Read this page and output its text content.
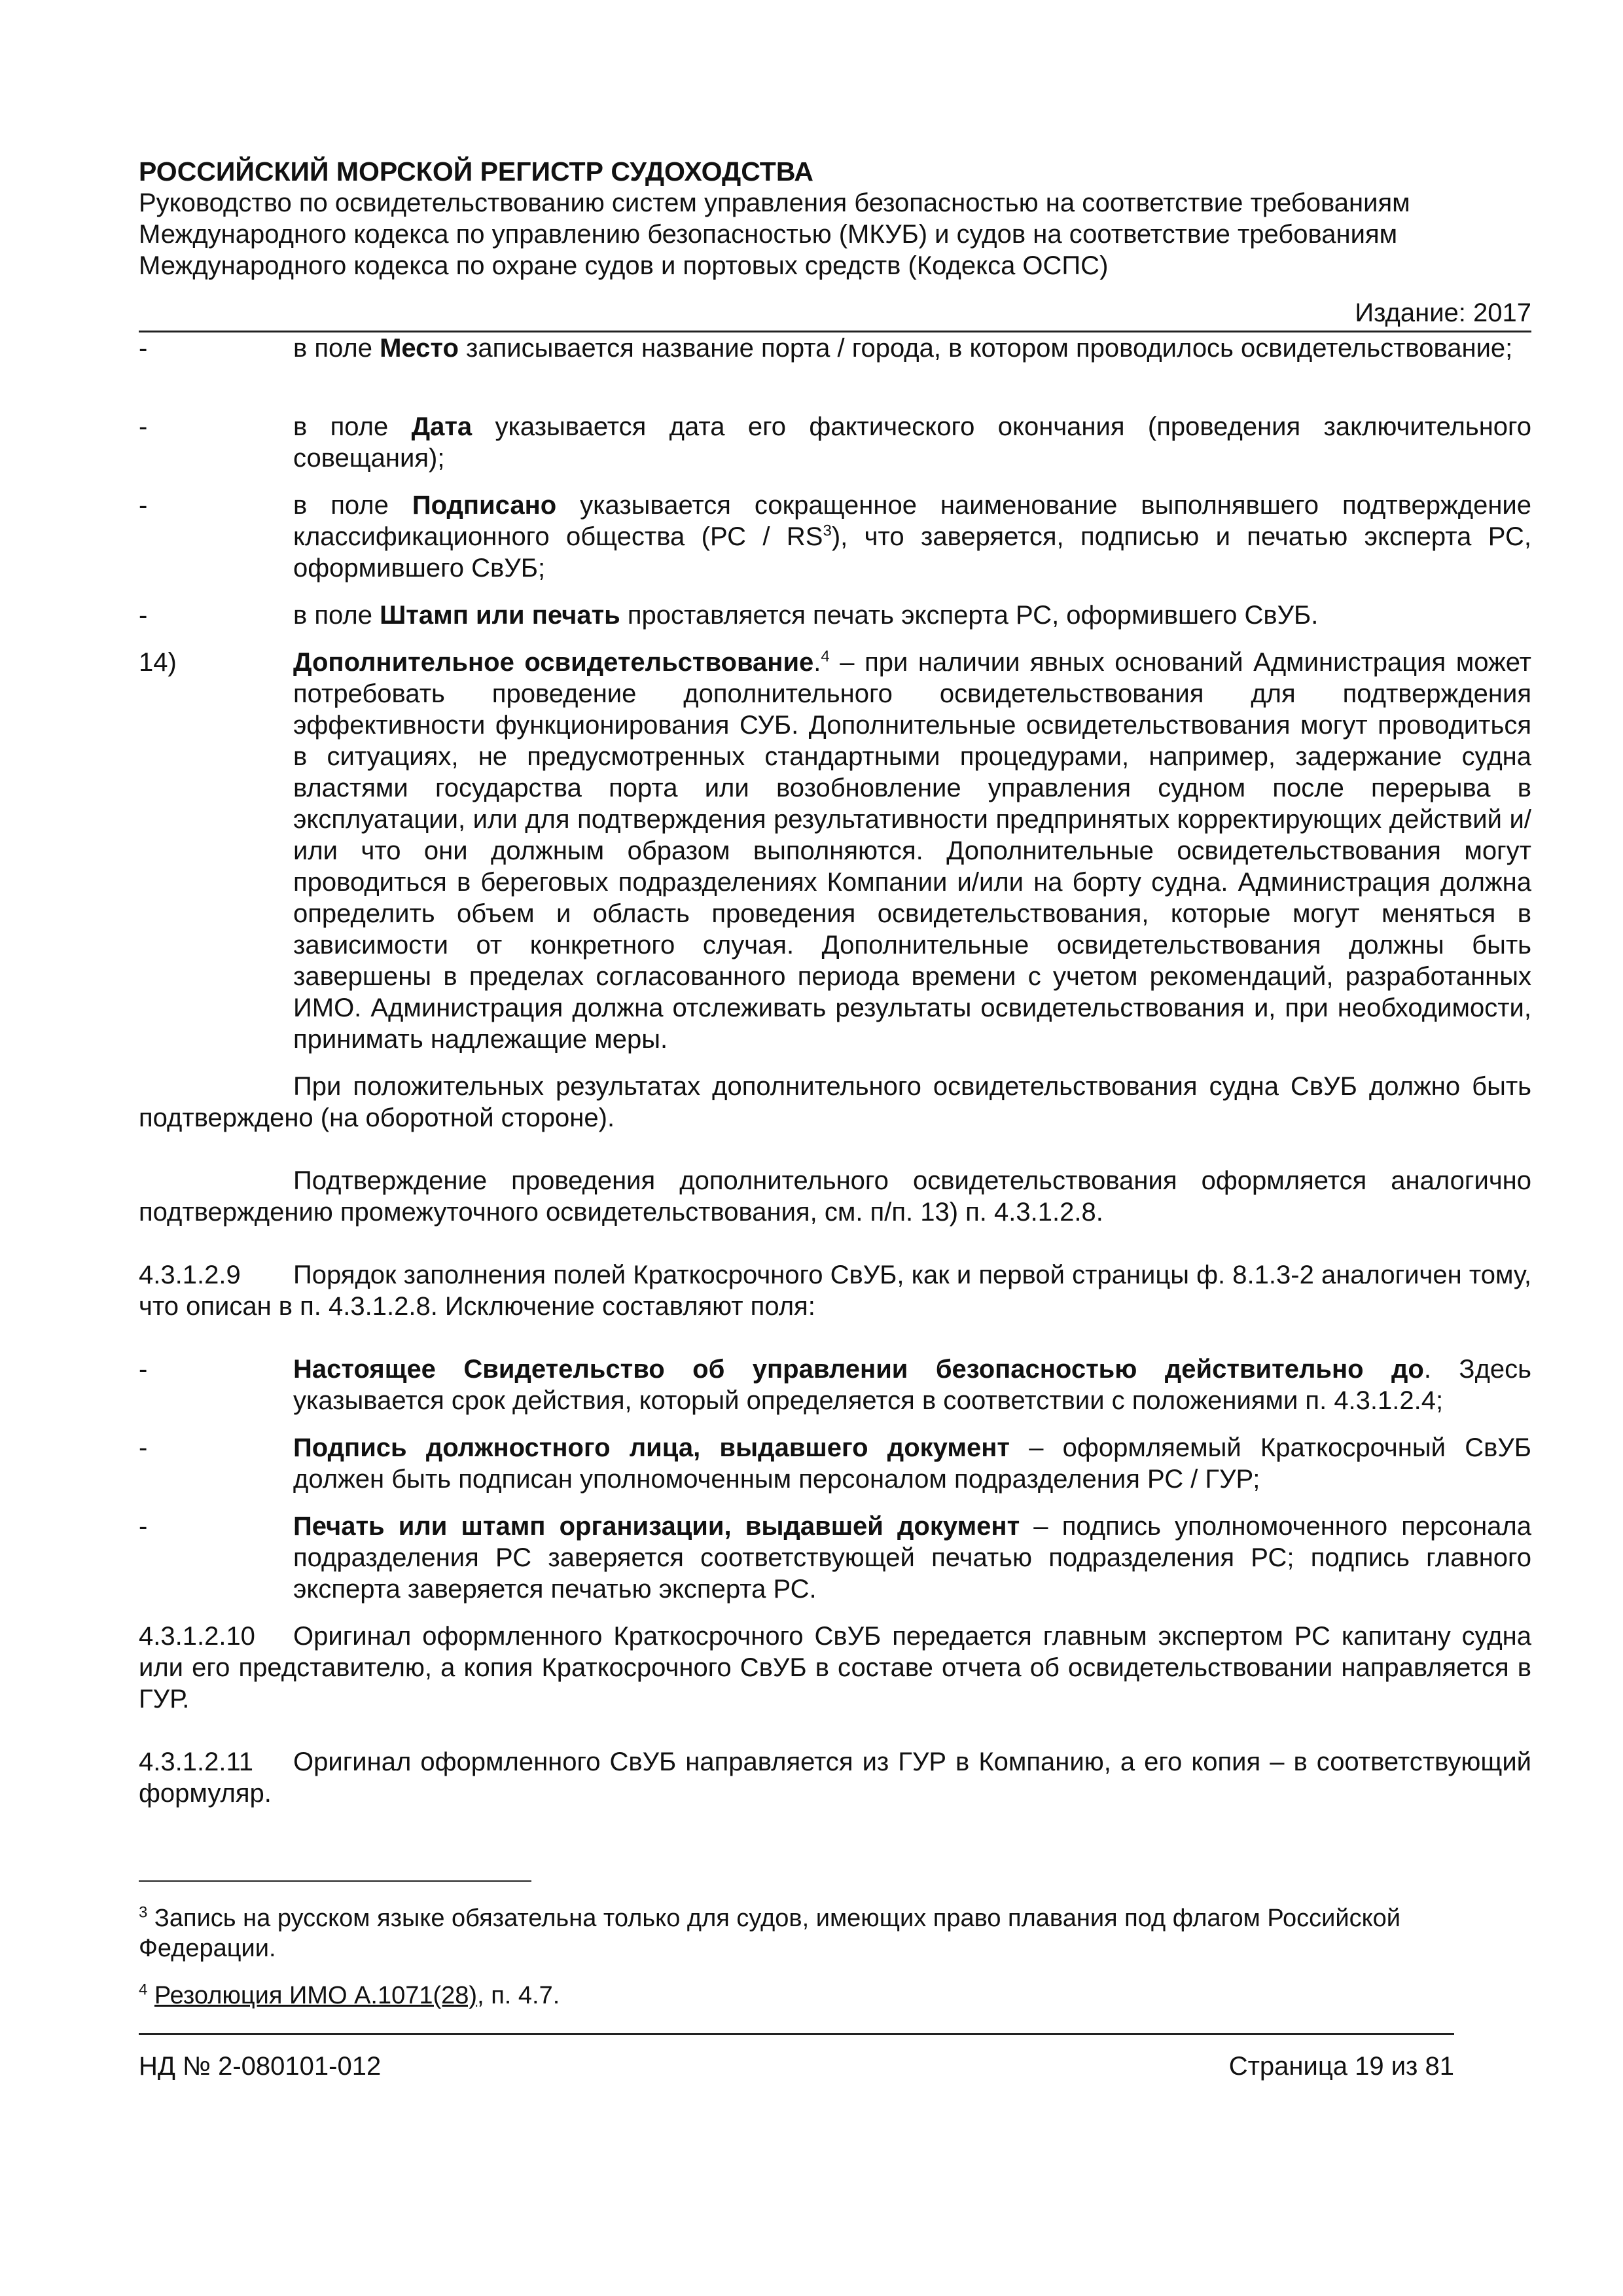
РОССИЙСКИЙ МОРСКОЙ РЕГИСТР СУДОХОДСТВА
Руководство по освидетельствованию систем управления безопасностью на соответствие требованиям
Международного кодекса по управлению безопасностью (МКУБ) и судов на соответствие требованиям
Международного кодекса по охране судов и портовых средств (Кодекса ОСПС)
Издание: 2017
-	в поле Место записывается название порта / города, в котором проводилось освидетельствование;
-	в поле Дата указывается дата его фактического окончания (проведения заключительного совещания);
-	в поле Подписано указывается сокращенное наименование выполнявшего подтверждение классификационного общества $(РС / RS^3)$, что заверяется, подписью и печатью эксперта РС, оформившего СвУБ;
-	в поле Штамп или печать проставляется печать эксперта РС, оформившего СвУБ.
14)	Дополнительное освидетельствование.$^4$ – при наличии явных оснований Администрация может потребовать проведение дополнительного освидетельствования для подтверждения эффективности функционирования СУБ. Дополнительные освидетельствования могут проводиться в ситуациях, не предусмотренных стандартными процедурами, например, задержание судна властями государства порта или возобновление управления судном после перерыва в эксплуатации, или для подтверждения результативности предпринятых корректирующих действий и/или что они должным образом выполняются. Дополнительные освидетельствования могут проводиться в береговых подразделениях Компании и/или на борту судна. Администрация должна определить объем и область проведения освидетельствования, которые могут меняться в зависимости от конкретного случая. Дополнительные освидетельствования должны быть завершены в пределах согласованного периода времени с учетом рекомендаций, разработанных ИМО. Администрация должна отслеживать результаты освидетельствования и, при необходимости, принимать надлежащие меры.
При положительных результатах дополнительного освидетельствования судна СвУБ должно быть подтверждено (на оборотной стороне).
Подтверждение проведения дополнительного освидетельствования оформляется аналогично подтверждению промежуточного освидетельствования, см. п/п. 13) п. 4.3.1.2.8.
4.3.1.2.9 Порядок заполнения полей Краткосрочного СвУБ, как и первой страницы ф. 8.1.3-2 аналогичен тому, что описан в п. 4.3.1.2.8. Исключение составляют поля:
-	Настоящее Свидетельство об управлении безопасностью действительно до. Здесь указывается срок действия, который определяется в соответствии с положениями п. 4.3.1.2.4;
-	Подпись должностного лица, выдавшего документ – оформляемый Краткосрочный СвУБ должен быть подписан уполномоченным персоналом подразделения РС / ГУР;
-	Печать или штамп организации, выдавшей документ – подпись уполномоченного персонала подразделения РС заверяется соответствующей печатью подразделения РС; подпись главного эксперта заверяется печатью эксперта РС.
4.3.1.2.10 Оригинал оформленного Краткосрочного СвУБ передается главным экспертом РС капитану судна или его представителю, а копия Краткосрочного СвУБ в составе отчета об освидетельствовании направляется в ГУР.
4.3.1.2.11 Оригинал оформленного СвУБ направляется из ГУР в Компанию, а его копия – в соответствующий формуляр.
$^3$ Запись на русском языке обязательна только для судов, имеющих право плавания под флагом Российской Федерации.
$^4$ Резолюция ИМО А.1071(28), п. 4.7.
НД № 2-080101-012	Страница 19 из 81
